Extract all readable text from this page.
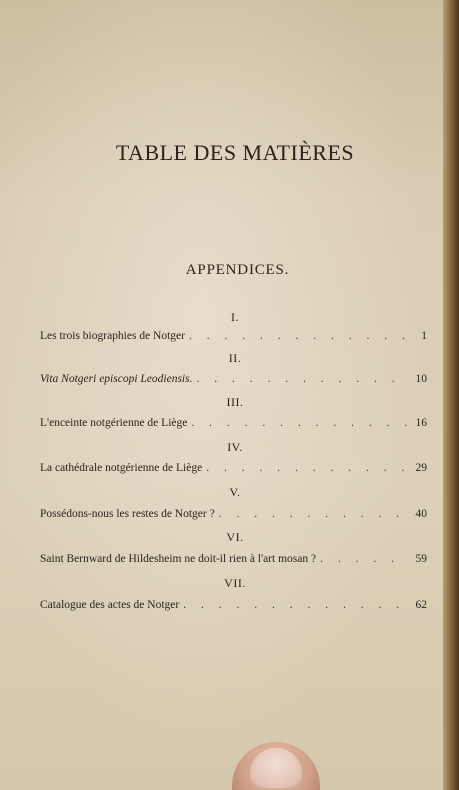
TABLE DES MATIÈRES
APPENDICES.
I.
Les trois biographies de Notger . . .	1
II.
Vita Notgeri episcopi Leodiensis. . . .	10
III.
L'enceinte notgérienne de Liège . . .	16
IV.
La cathédrale notgérienne de Liège . . .	29
V.
Possédons-nous les restes de Notger ? . . .	40
VI.
Saint Bernward de Hildesheim ne doit-il rien à l'art mosan ? . . .	59
VII.
Catalogue des actes de Notger . . .	62
